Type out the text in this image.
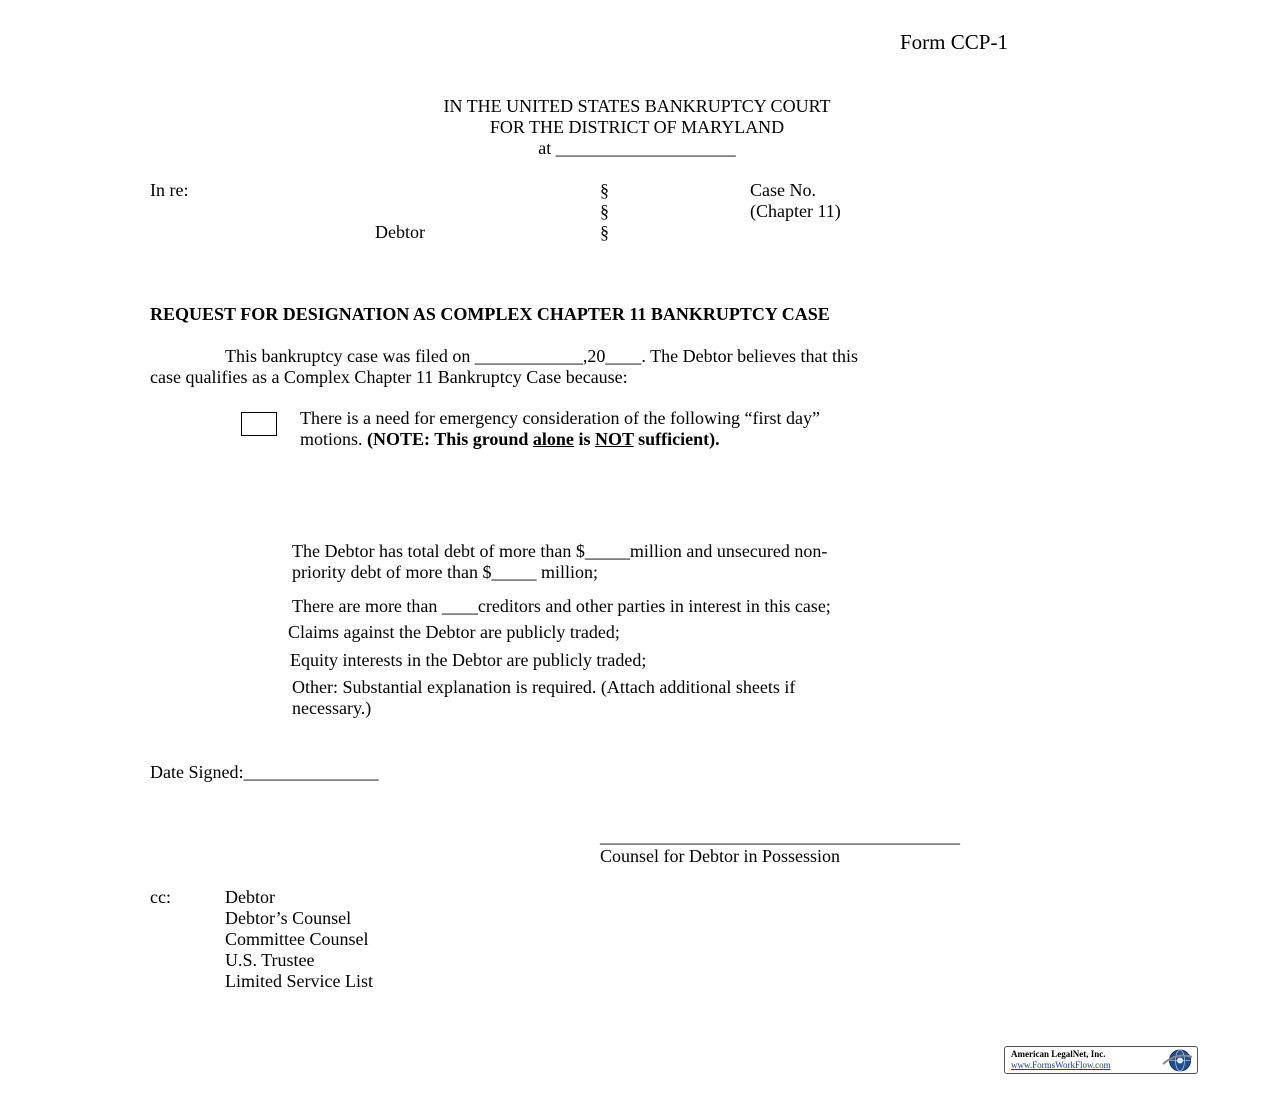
Form CCP-1
IN THE UNITED STATES BANKRUPTCY COURT
FOR THE DISTRICT OF MARYLAND
at ____________________
In re:
Debtor
§
§
§
Case No.
(Chapter 11)
REQUEST FOR DESIGNATION AS COMPLEX CHAPTER 11 BANKRUPTCY CASE
This bankruptcy case was filed on ____________,20____. The Debtor believes that this
case qualifies as a Complex Chapter 11 Bankruptcy Case because:
There is a need for emergency consideration of the following “first day”
motions. (NOTE: This ground alone is NOT sufficient).
The Debtor has total debt of more than $_____million and unsecured non-
priority debt of more than $_____ million;
There are more than ____creditors and other parties in interest in this case;
Claims against the Debtor are publicly traded;
Equity interests in the Debtor are publicly traded;
Other: Substantial explanation is required. (Attach additional sheets if
necessary.)
Date Signed:_______________
________________________________________
Counsel for Debtor in Possession
cc:	Debtor
Debtor’s Counsel
Committee Counsel
U.S. Trustee
Limited Service List
American LegalNet, Inc.
www.FormsWorkFlow.com
